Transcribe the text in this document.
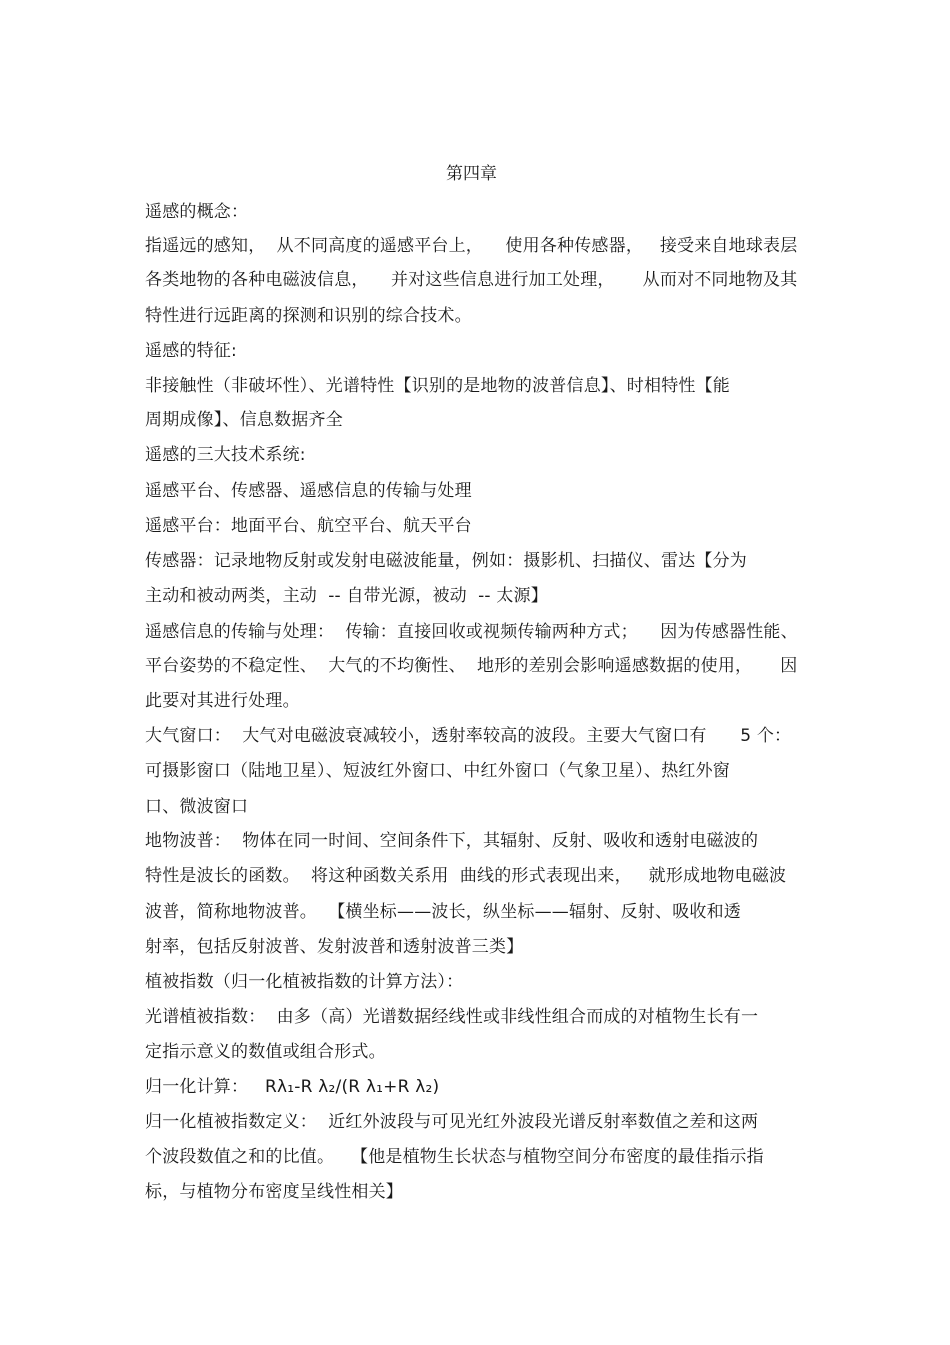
第四章
遥感的概念：
指遥远的感知，  从不同高度的遥感平台上，    使用各种传感器，   接受来自地球表层
各类地物的各种电磁波信息，    并对这些信息进行加工处理，     从而对不同地物及其
特性进行远距离的探测和识别的综合技术。
遥感的特征:
非接触性（非破坏性）、光谱特性【识别的是地物的波普信息】、时相特性【能
周期成像】、信息数据齐全
遥感的三大技术系统:
遥感平台、传感器、遥感信息的传输与处理
遥感平台：地面平台、航空平台、航天平台
传感器：记录地物反射或发射电磁波能量，例如：摄影机、扫描仪、雷达【分为
主动和被动两类，主动  -- 自带光源，被动  -- 太源】
遥感信息的传输与处理：  传输：直接回收或视频传输两种方式；    因为传感器性能、
平台姿势的不稳定性、  大气的不均衡性、  地形的差别会影响遥感数据的使用，     因
此要对其进行处理。
大气窗口：  大气对电磁波衰减较小，透射率较高的波段。主要大气窗口有      5 个：
可摄影窗口（陆地卫星）、短波红外窗口、中红外窗口（气象卫星）、热红外窗
口、微波窗口
地物波普：  物体在同一时间、空间条件下，其辐射、反射、吸收和透射电磁波的
特性是波长的函数。  将这种函数关系用  曲线的形式表现出来，   就形成地物电磁波
波普，简称地物波普。  【横坐标——波长，纵坐标——辐射、反射、吸收和透
射率，包括反射波普、发射波普和透射波普三类】
植被指数（归一化植被指数的计算方法）：
光谱植被指数：  由多（高）光谱数据经线性或非线性组合而成的对植物生长有一
定指示意义的数值或组合形式。
归一化计算：   Rλ₁-R λ₂/(R λ₁+R λ₂)
归一化植被指数定义：  近红外波段与可见光红外波段光谱反射率数值之差和这两
个波段数值之和的比值。   【他是植物生长状态与植物空间分布密度的最佳指示指
标，与植物分布密度呈线性相关】
